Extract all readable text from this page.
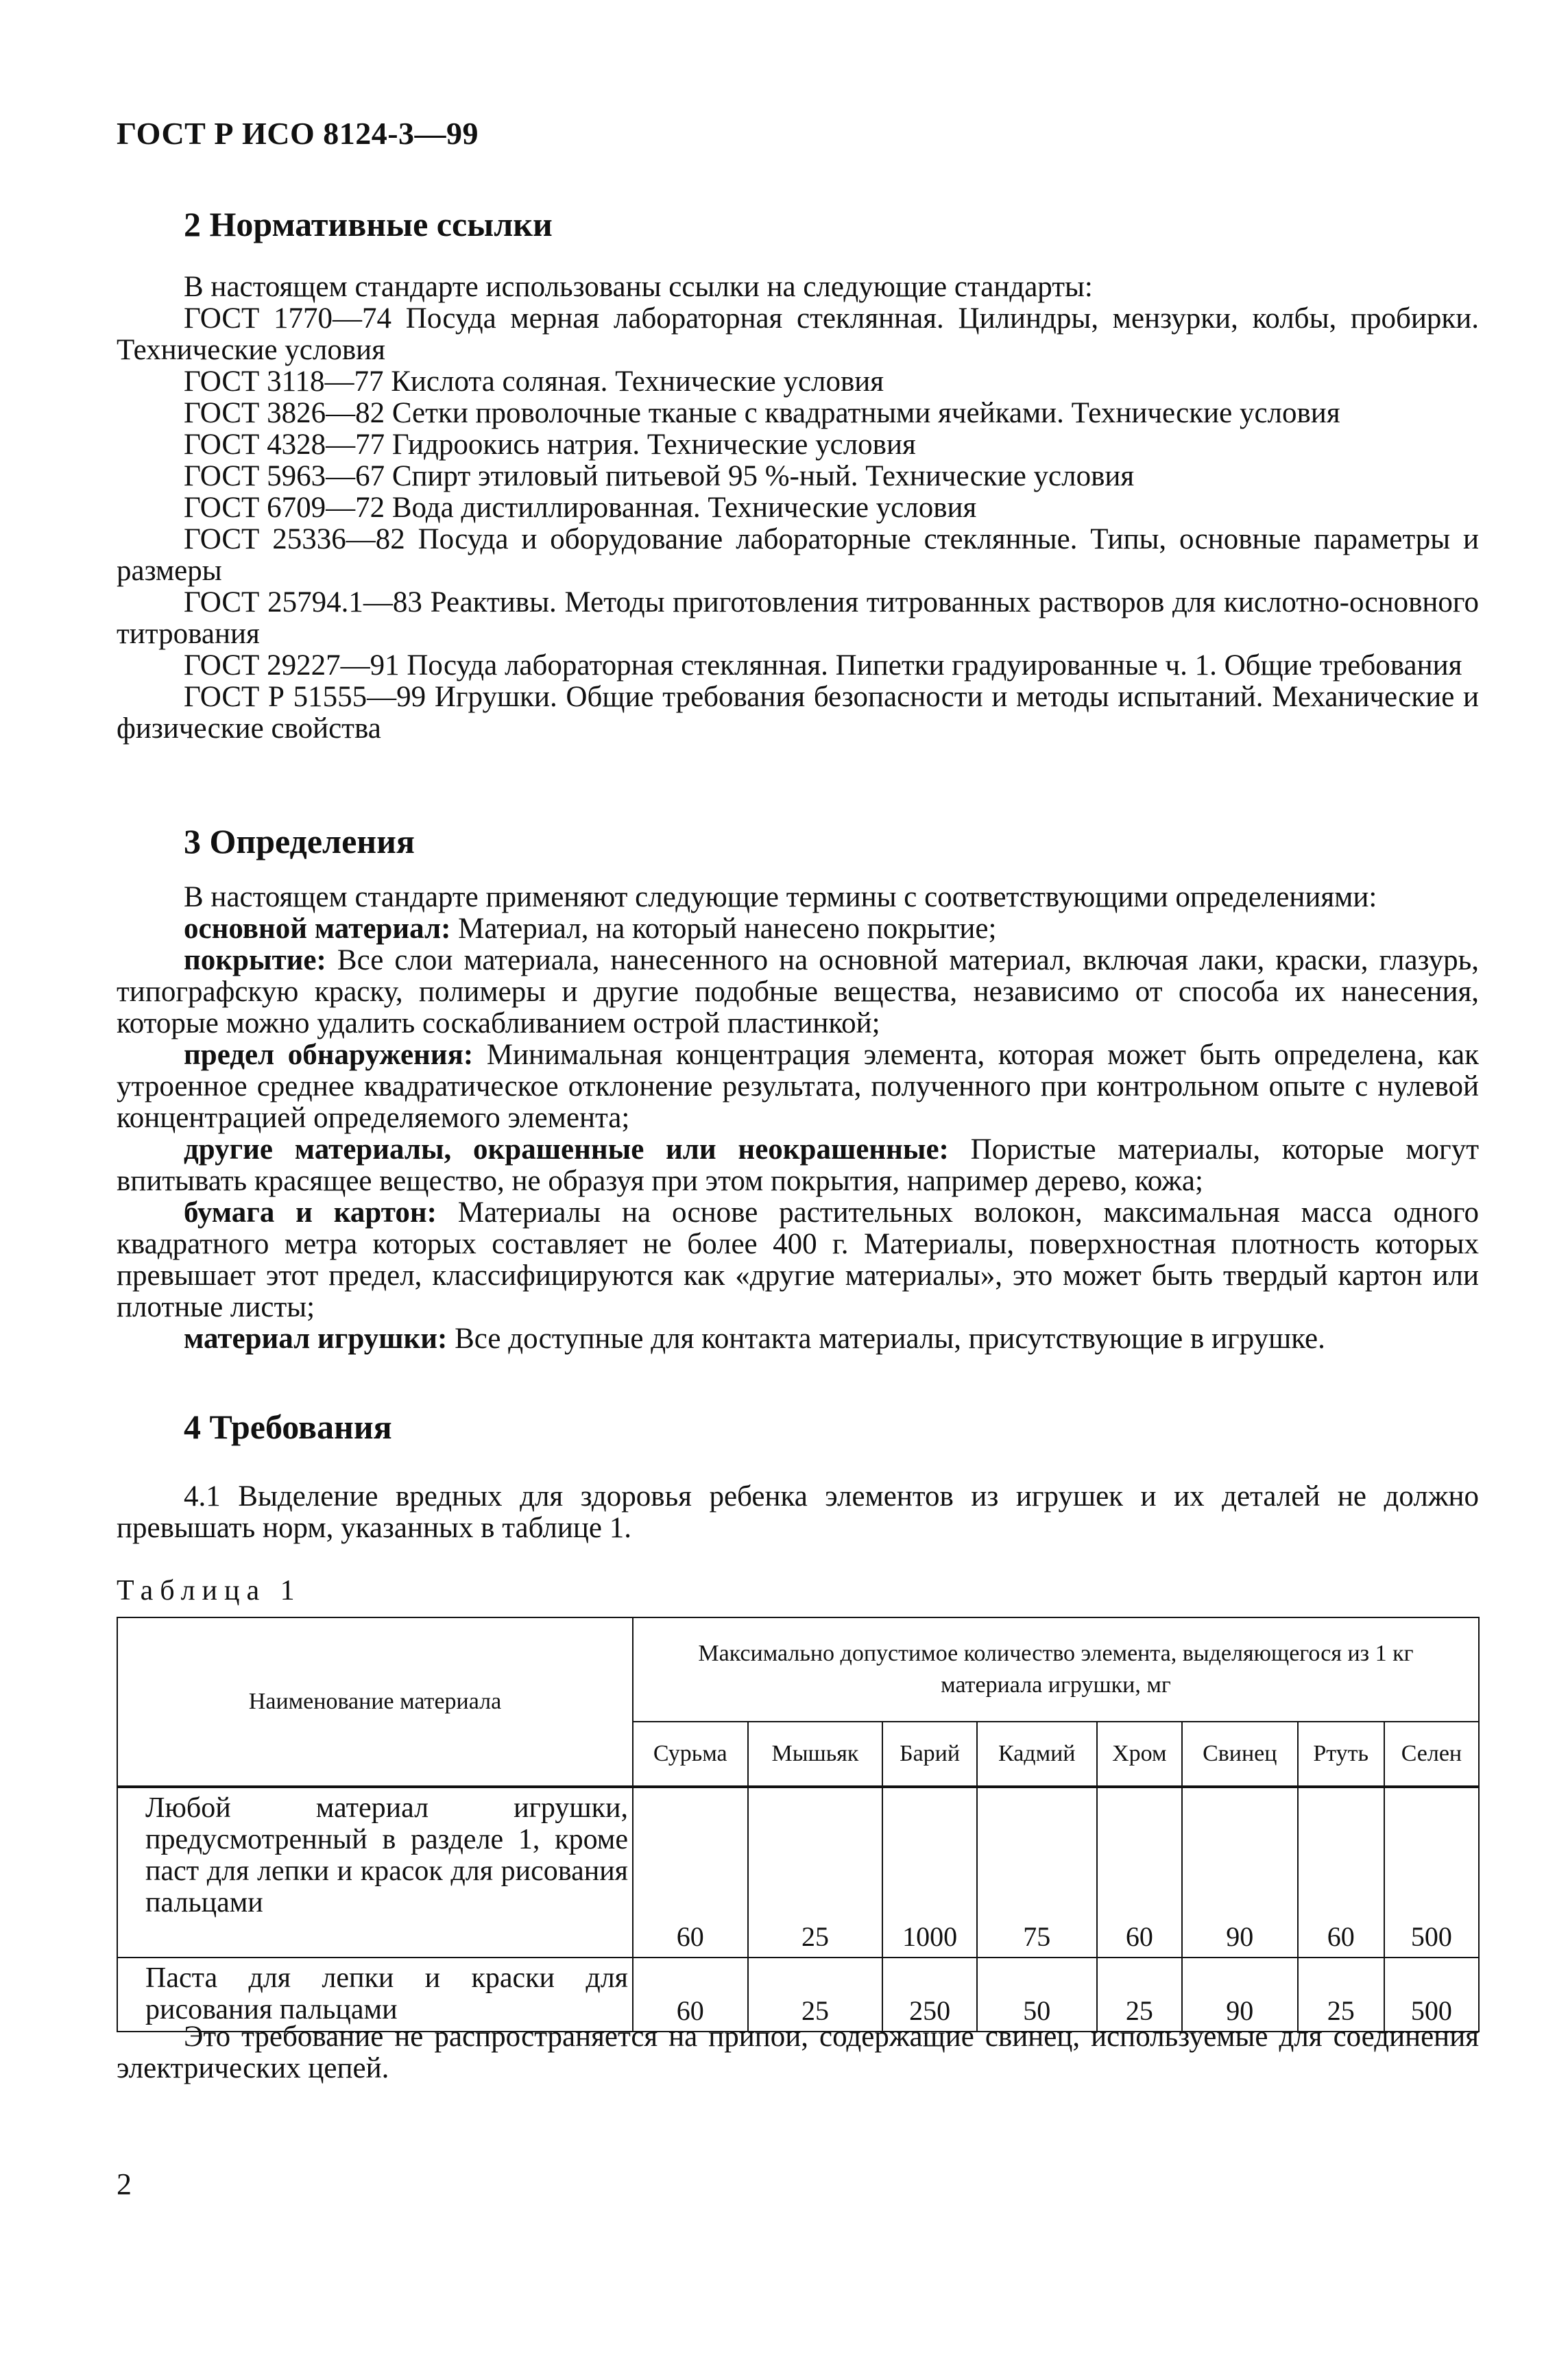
ГОСТ Р ИСО 8124-3—99
2 Нормативные ссылки

В настоящем стандарте использованы ссылки на следующие стандарты:

ГОСТ 1770—74 Посуда мерная лабораторная стеклянная. Цилиндры, мензурки, колбы, пробирки. Технические условия

ГОСТ 3118—77 Кислота соляная. Технические условия

ГОСТ 3826—82 Сетки проволочные тканые с квадратными ячейками. Технические условия

ГОСТ 4328—77 Гидроокись натрия. Технические условия

ГОСТ 5963—67 Спирт этиловый питьевой 95 %-ный. Технические условия

ГОСТ 6709—72 Вода дистиллированная. Технические условия

ГОСТ 25336—82 Посуда и оборудование лабораторные стеклянные. Типы, основные параметры и размеры

ГОСТ 25794.1—83 Реактивы. Методы приготовления титрованных растворов для кислотно-основного титрования

ГОСТ 29227—91 Посуда лабораторная стеклянная. Пипетки градуированные ч. 1. Общие требования

ГОСТ Р 51555—99 Игрушки. Общие требования безопасности и методы испытаний. Механические и физические свойства

3 Определения

В настоящем стандарте применяют следующие термины с соответствующими определениями:

основной материал: Материал, на который нанесено покрытие;

покрытие: Все слои материала, нанесенного на основной материал, включая лаки, краски, глазурь, типографскую краску, полимеры и другие подобные вещества, независимо от способа их нанесения, которые можно удалить соскабливанием острой пластинкой;

предел обнаружения: Минимальная концентрация элемента, которая может быть определена, как утроенное среднее квадратическое отклонение результата, полученного при контрольном опыте с нулевой концентрацией определяемого элемента;

другие материалы, окрашенные или неокрашенные: Пористые материалы, которые могут впитывать красящее вещество, не образуя при этом покрытия, например дерево, кожа;

бумага и картон: Материалы на основе растительных волокон, максимальная масса одного квадратного метра которых составляет не более 400 г. Материалы, поверхностная плотность которых превышает этот предел, классифицируются как «другие материалы», это может быть твердый картон или плотные листы;

материал игрушки: Все доступные для контакта материалы, присутствующие в игрушке.

4 Требования
4.1 Выделение вредных для здоровья ребенка элементов из игрушек и их деталей не должно превышать норм, указанных в таблице 1.
Таблица 1
Наименование материала	Максимально допустимое количество элемента, выделяющегося из 1 кг материала игрушки, мг							
	Сурьма	Мышьяк	Барий	Кадмий	Хром	Свинец	Ртуть	Селен
Любой материал игрушки, предусмотренный в разделе 1, кроме паст для лепки и красок для рисования пальцами	60	25	1000	75	60	90	60	500
Паста для лепки и краски для рисования пальцами	60	25	250	50	25	90	25	500
Это требование не распространяется на припои, содержащие свинец, используемые для соединения электрических цепей.
2
